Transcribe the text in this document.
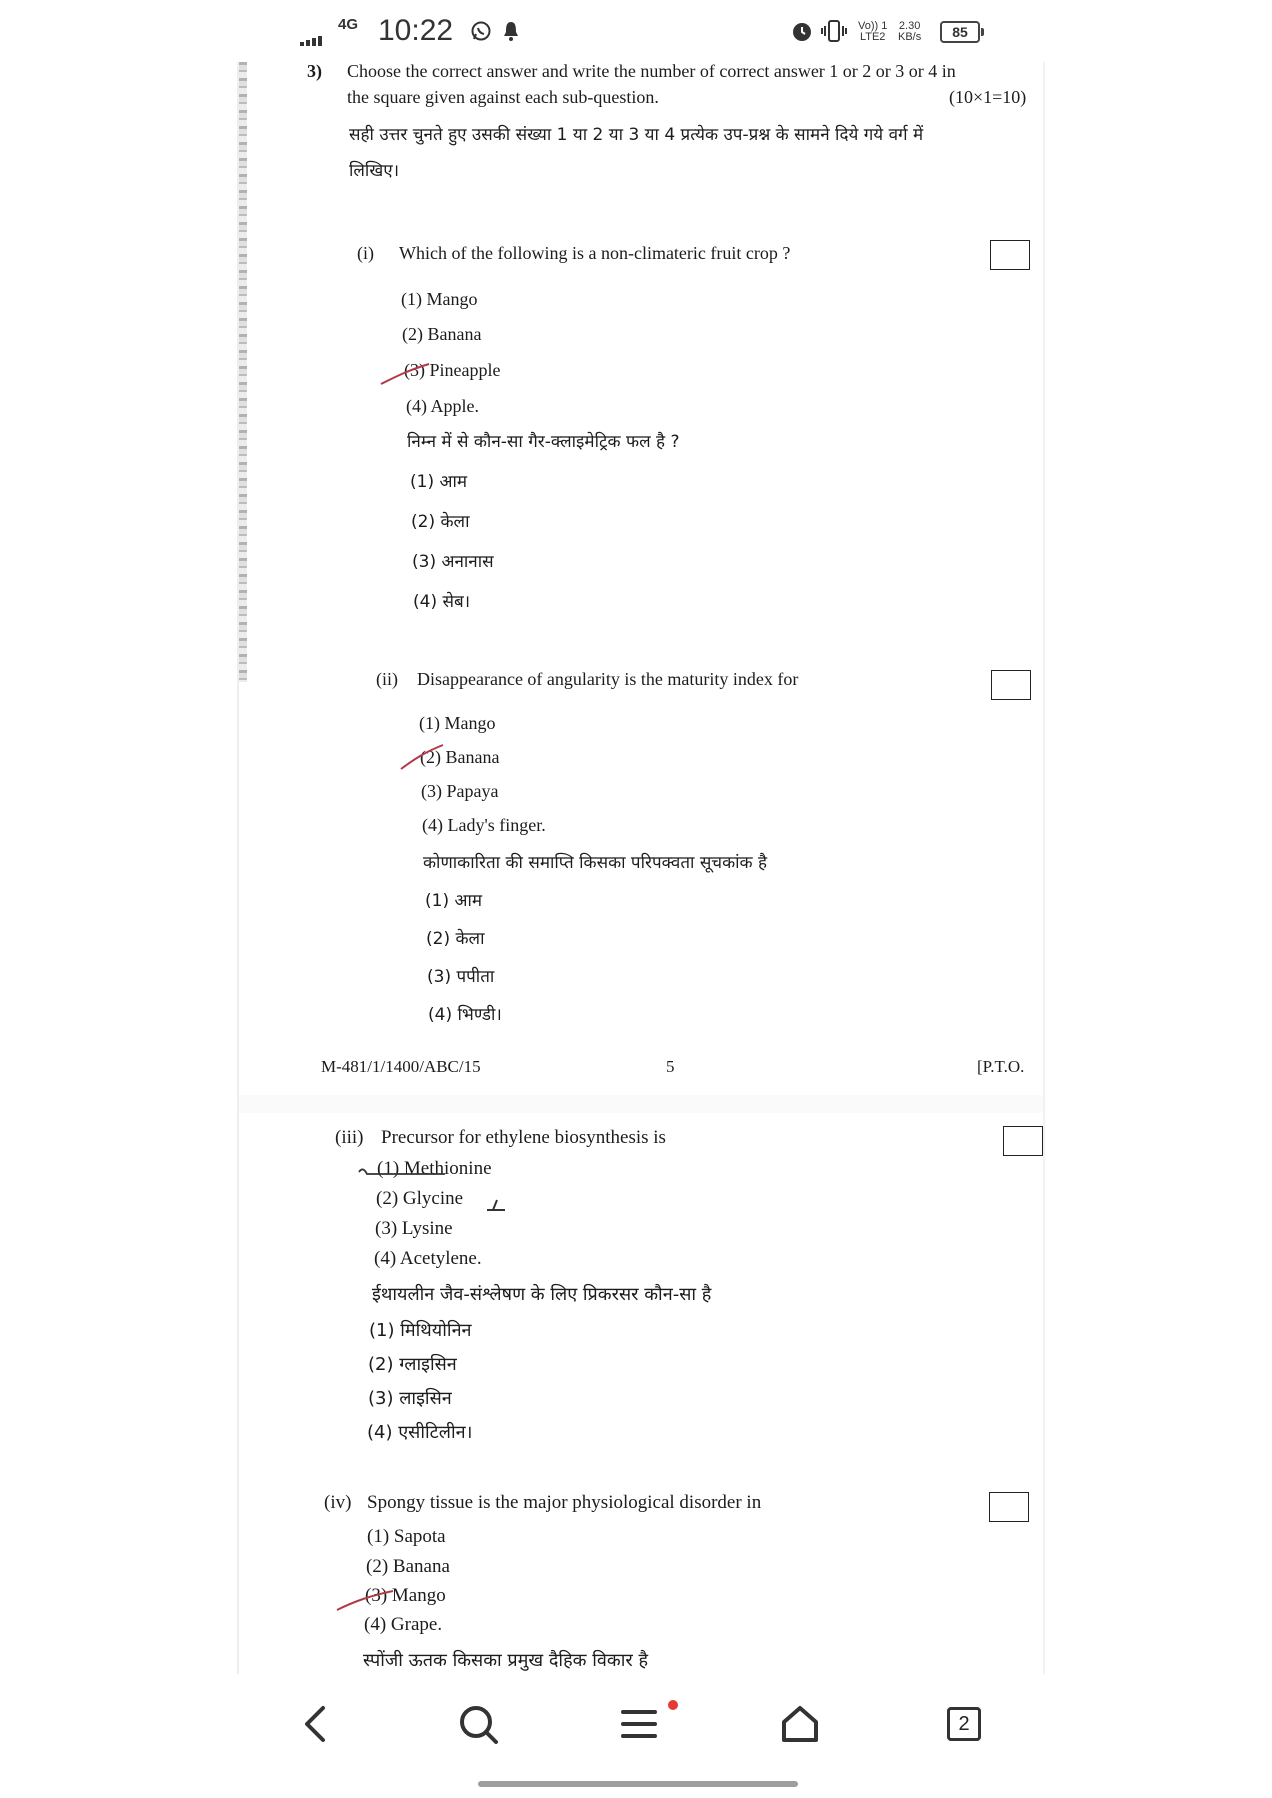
4G 10:22	Vo)) 1
LTE2
2.30
KB/s	85
3) Choose the correct answer and write the number of correct answer 1 or 2 or 3 or 4 in
the square given against each sub-question.	(10×1=10)
सही उत्तर चुनते हुए उसकी संख्या 1 या 2 या 3 या 4 प्रत्येक उप-प्रश्न के सामने दिये गये वर्ग में
लिखिए।
(i) Which of the following is a non-climateric fruit crop ?
(1) Mango
(2) Banana
(3) Pineapple
(4) Apple.
निम्न में से कौन-सा गैर-क्लाइमेट्रिक फल है ?
(1) आम
(2) केला
(3) अनानास
(4) सेब।
(ii) Disappearance of angularity is the maturity index for
(1) Mango
(2) Banana
(3) Papaya
(4) Lady's finger.
कोणाकारिता की समाप्ति किसका परिपक्वता सूचकांक है
(1) आम
(2) केला
(3) पपीता
(4) भिण्डी।
M-481/1/1400/ABC/15	5	[P.T.O.
(iii) Precursor for ethylene biosynthesis is
(1) Methionine
(2) Glycine
(3) Lysine
(4) Acetylene.
ईथायलीन जैव-संश्लेषण के लिए प्रिकरसर कौन-सा है
(1) मिथियोनिन
(2) ग्लाइसिन
(3) लाइसिन
(4) एसीटिलीन।
(iv) Spongy tissue is the major physiological disorder in
(1) Sapota
(2) Banana
(3) Mango
(4) Grape.
स्पोंजी ऊतक किसका प्रमुख दैहिक विकार है
2
